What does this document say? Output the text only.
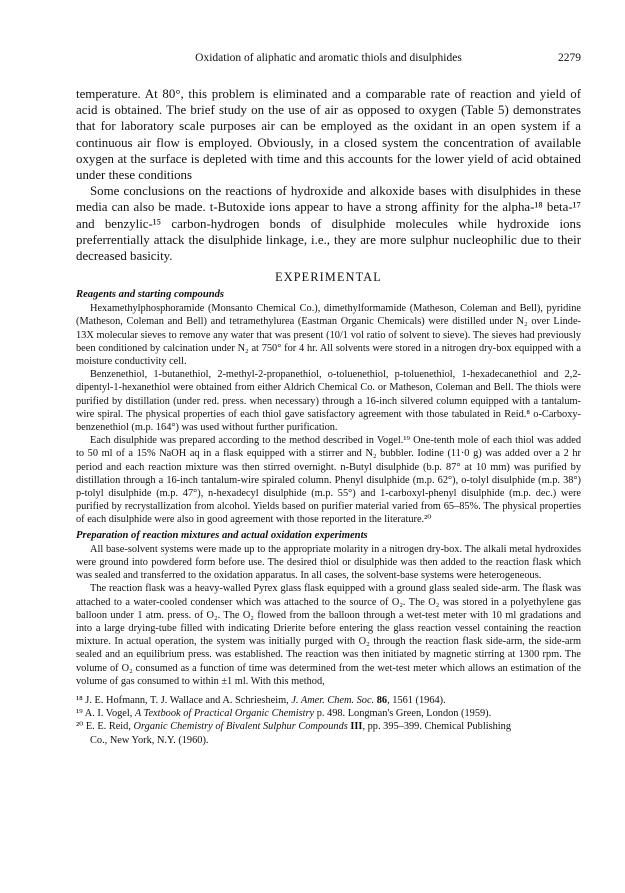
Oxidation of aliphatic and aromatic thiols and disulphides	2279

temperature. At 80°, this problem is eliminated and a comparable rate of reaction and yield of acid is obtained. The brief study on the use of air as opposed to oxygen (Table 5) demonstrates that for laboratory scale purposes air can be employed as the oxidant in an open system if a continuous air flow is employed. Obviously, in a closed system the concentration of available oxygen at the surface is depleted with time and this accounts for the lower yield of acid obtained under these conditions

Some conclusions on the reactions of hydroxide and alkoxide bases with disulphides in these media can also be made. t-Butoxide ions appear to have a strong affinity for the alpha-¹⁸ beta-¹⁷ and benzylic-¹⁵ carbon-hydrogen bonds of disulphide molecules while hydroxide ions preferrentially attack the disulphide linkage, i.e., they are more sulphur nucleophilic due to their decreased basicity.

EXPERIMENTAL
Reagents and starting compounds

Hexamethylphosphoramide (Monsanto Chemical Co.), dimethylformamide (Matheson, Coleman and Bell), pyridine (Matheson, Coleman and Bell) and tetramethylurea (Eastman Organic Chemicals) were distilled under N₂ over Linde-13X molecular sieves to remove any water that was present (10/1 vol ratio of solvent to sieve). The sieves had previously been conditioned by calcination under N₂ at 750° for 4 hr. All solvents were stored in a nitrogen dry-box equipped with a moisture conductivity cell.

Benzenethiol, 1-butanethiol, 2-methyl-2-propanethiol, o-toluenethiol, p-toluenethiol, 1-hexadecanethiol and 2,2-dipentyl-1-hexanethiol were obtained from either Aldrich Chemical Co. or Matheson, Coleman and Bell. The thiols were purified by distillation (under red. press. when necessary) through a 16-inch silvered column equipped with a tantalum-wire spiral. The physical properties of each thiol gave satisfactory agreement with those tabulated in Reid.⁸ o-Carboxy-benzenethiol (m.p. 164°) was used without further purification.

Each disulphide was prepared according to the method described in Vogel.¹⁹ One-tenth mole of each thiol was added to 50 ml of a 15% NaOH aq in a flask equipped with a stirrer and N₂ bubbler. Iodine (11·0 g) was added over a 2 hr period and each reaction mixture was then stirred overnight. n-Butyl disulphide (b.p. 87° at 10 mm) was purified by distillation through a 16-inch tantalum-wire spiraled column. Phenyl disulphide (m.p. 62°), o-tolyl disulphide (m.p. 38°) p-tolyl disulphide (m.p. 47°), n-hexadecyl disulphide (m.p. 55°) and 1-carboxyl-phenyl disulphide (m.p. dec.) were purified by recrystallization from alcohol. Yields based on purifier material varied from 65–85%. The physical properties of each disulphide were also in good agreement with those reported in the literature.²⁰

Preparation of reaction mixtures and actual oxidation experiments

All base-solvent systems were made up to the appropriate molarity in a nitrogen dry-box. The alkali metal hydroxides were ground into powdered form before use. The desired thiol or disulphide was then added to the reaction flask which was sealed and transferred to the oxidation apparatus. In all cases, the solvent-base systems were heterogeneous.

The reaction flask was a heavy-walled Pyrex glass flask equipped with a ground glass sealed side-arm. The flask was attached to a water-cooled condenser which was attached to the source of O₂. The O₂ was stored in a polyethylene gas balloon under 1 atm. press. of O₂. The O₂ flowed from the balloon through a wet-test meter with 10 ml gradations and into a large drying-tube filled with indicating Drierite before entering the glass reaction vessel containing the reaction mixture. In actual operation, the system was initially purged with O₂ through the reaction flask side-arm, the side-arm sealed and an equilibrium press. was established. The reaction was then initiated by magnetic stirring at 1300 rpm. The volume of O₂ consumed as a function of time was determined from the wet-test meter which allows an estimation of the volume of gas consumed to within ±1 ml. With this method,

¹⁸ J. E. Hofmann, T. J. Wallace and A. Schriesheim, J. Amer. Chem. Soc. 86, 1561 (1964).

¹⁹ A. I. Vogel, A Textbook of Practical Organic Chemistry p. 498. Longman's Green, London (1959).

²⁰ E. E. Reid, Organic Chemistry of Bivalent Sulphur Compounds III, pp. 395–399. Chemical Publishing

Co., New York, N.Y. (1960).
